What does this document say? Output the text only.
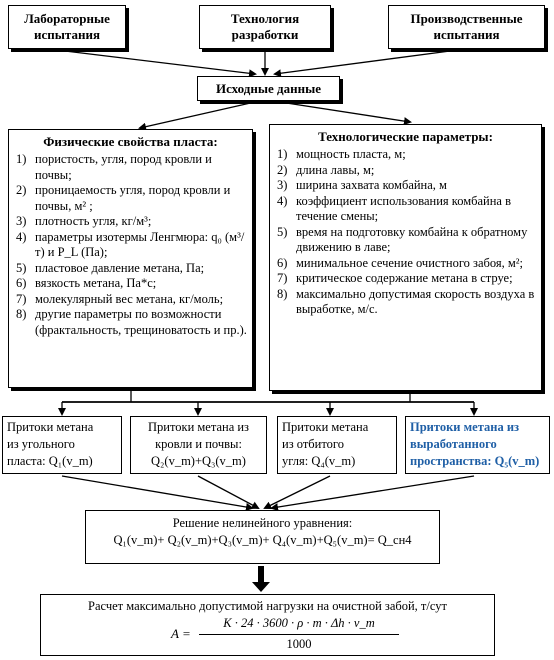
Лабораторные
испытания
Технология
разработки
Производственные
испытания
Исходные данные
Физические свойства пласта:
1) пористость, угля, пород кровли и почвы;
2) проницаемость угля, пород кровли и почвы, м² ;
3) плотность угля, кг/м³;
4) параметры изотермы Ленгмюра: q₀ (м³/т) и P_L (Па);
5) пластовое давление метана, Па;
6) вязкость метана, Па*с;
7) молекулярный вес метана, кг/моль;
8) другие параметры по возможности (фрактальность, трещиноватость и пр.).
Технологические параметры:
1) мощность пласта, м;
2) длина лавы, м;
3) ширина захвата комбайна, м
4) коэффициент использования комбайна в течение смены;
5) время на подготовку комбайна к обратному движению в лаве;
6) минимальное сечение очистного забоя, м²;
7) критическое содержание метана в струе;
8) максимально допустимая скорость воздуха в выработке, м/с.
Притоки метана
из угольного
пласта: Q₁(v_m)
Притоки метана из
кровли и почвы:
Q₂(v_m)+Q₃(v_m)
Притоки метана
из отбитого
угля: Q₄(v_m)
Притоки метана из
выработанного
пространства: Q₅(v_m)
Решение нелинейного уравнения:
Q₁(v_m)+ Q₂(v_m)+Q₃(v_m)+ Q₄(v_m)+Q₅(v_m)= Q_сн4
Расчет максимально допустимой нагрузки на очистной забой, т/сут
A =
K · 24 · 3600 · ρ · m · Δh · v_m
1000
